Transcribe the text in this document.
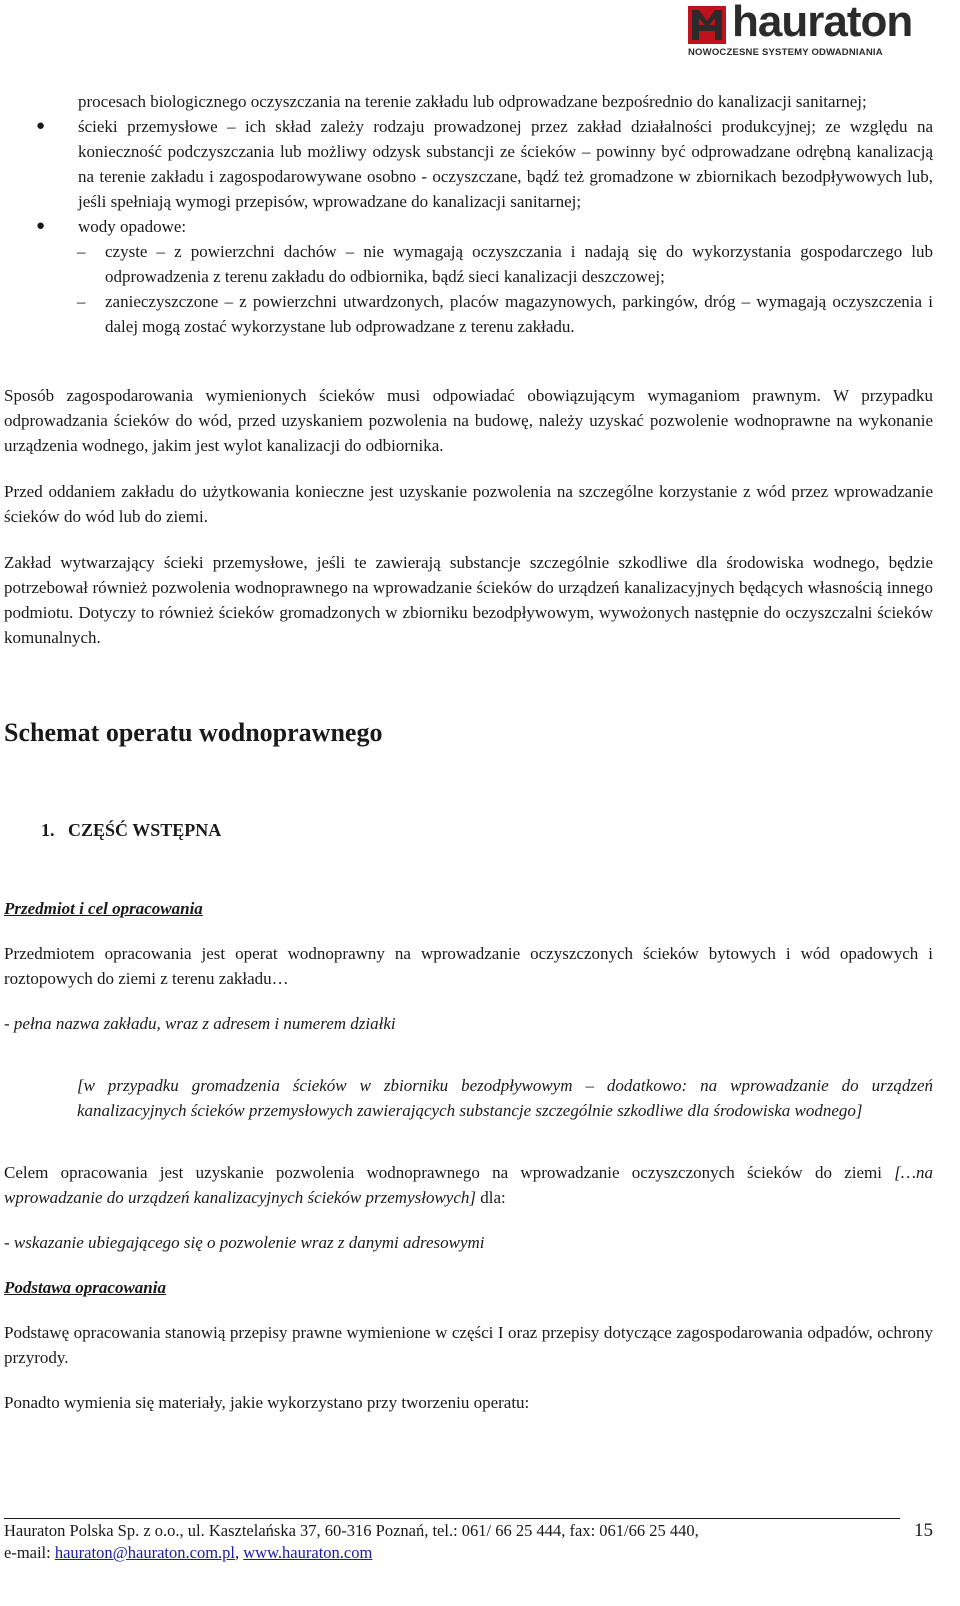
hauraton
NOWOCZESNE SYSTEMY ODWADNIANIA

procesach biologicznego oczyszczania na terenie zakładu lub odprowadzane bezpośrednio do kanalizacji sanitarnej;

● ścieki przemysłowe – ich skład zależy rodzaju prowadzonej przez zakład działalności produkcyjnej; ze względu na konieczność podczyszczania lub możliwy odzysk substancji ze ścieków – powinny być odprowadzane odrębną kanalizacją na terenie zakładu i zagospodarowywane osobno - oczyszczane, bądź też gromadzone w zbiornikach bezodpływowych lub, jeśli spełniają wymogi przepisów, wprowadzane do kanalizacji sanitarnej;
● wody opadowe:
– czyste – z powierzchni dachów – nie wymagają oczyszczania i nadają się do wykorzystania gospodarczego lub odprowadzenia z terenu zakładu do odbiornika, bądź sieci kanalizacji deszczowej;
– zanieczyszczone – z powierzchni utwardzonych, placów magazynowych, parkingów, dróg – wymagają oczyszczenia i dalej mogą zostać wykorzystane lub odprowadzane z terenu zakładu.

Sposób zagospodarowania wymienionych ścieków musi odpowiadać obowiązującym wymaganiom prawnym. W przypadku odprowadzania ścieków do wód, przed uzyskaniem pozwolenia na budowę, należy uzyskać pozwolenie wodnoprawne na wykonanie urządzenia wodnego, jakim jest wylot kanalizacji do odbiornika.

Przed oddaniem zakładu do użytkowania konieczne jest uzyskanie pozwolenia na szczególne korzystanie z wód przez wprowadzanie ścieków do wód lub do ziemi.

Zakład wytwarzający ścieki przemysłowe, jeśli te zawierają substancje szczególnie szkodliwe dla środowiska wodnego, będzie potrzebował również pozwolenia wodnoprawnego na wprowadzanie ścieków do urządzeń kanalizacyjnych będących własnością innego podmiotu. Dotyczy to również ścieków gromadzonych w zbiorniku bezodpływowym, wywożonych następnie do oczyszczalni ścieków komunalnych.

Schemat operatu wodnoprawnego
1. CZĘŚĆ WSTĘPNA
Przedmiot i cel opracowania

Przedmiotem opracowania jest operat wodnoprawny na wprowadzanie oczyszczonych ścieków bytowych i wód opadowych i roztopowych do ziemi z terenu zakładu…

- pełna nazwa zakładu, wraz z adresem i numerem działki

[w przypadku gromadzenia ścieków w zbiorniku bezodpływowym – dodatkowo: na wprowadzanie do urządzeń kanalizacyjnych ścieków przemysłowych zawierających substancje szczególnie szkodliwe dla środowiska wodnego]

Celem opracowania jest uzyskanie pozwolenia wodnoprawnego na wprowadzanie oczyszczonych ścieków do ziemi […na wprowadzanie do urządzeń kanalizacyjnych ścieków przemysłowych] dla:

- wskazanie ubiegającego się o pozwolenie wraz z danymi adresowymi

Podstawa opracowania

Podstawę opracowania stanowią przepisy prawne wymienione w części I oraz przepisy dotyczące zagospodarowania odpadów, ochrony przyrody.

Ponadto wymienia się materiały, jakie wykorzystano przy tworzeniu operatu:

Hauraton Polska Sp. z o.o., ul. Kasztelańska 37, 60-316 Poznań, tel.: 061/ 66 25 444, fax: 061/66 25 440,
e-mail: hauraton@hauraton.com.pl, www.hauraton.com
15
